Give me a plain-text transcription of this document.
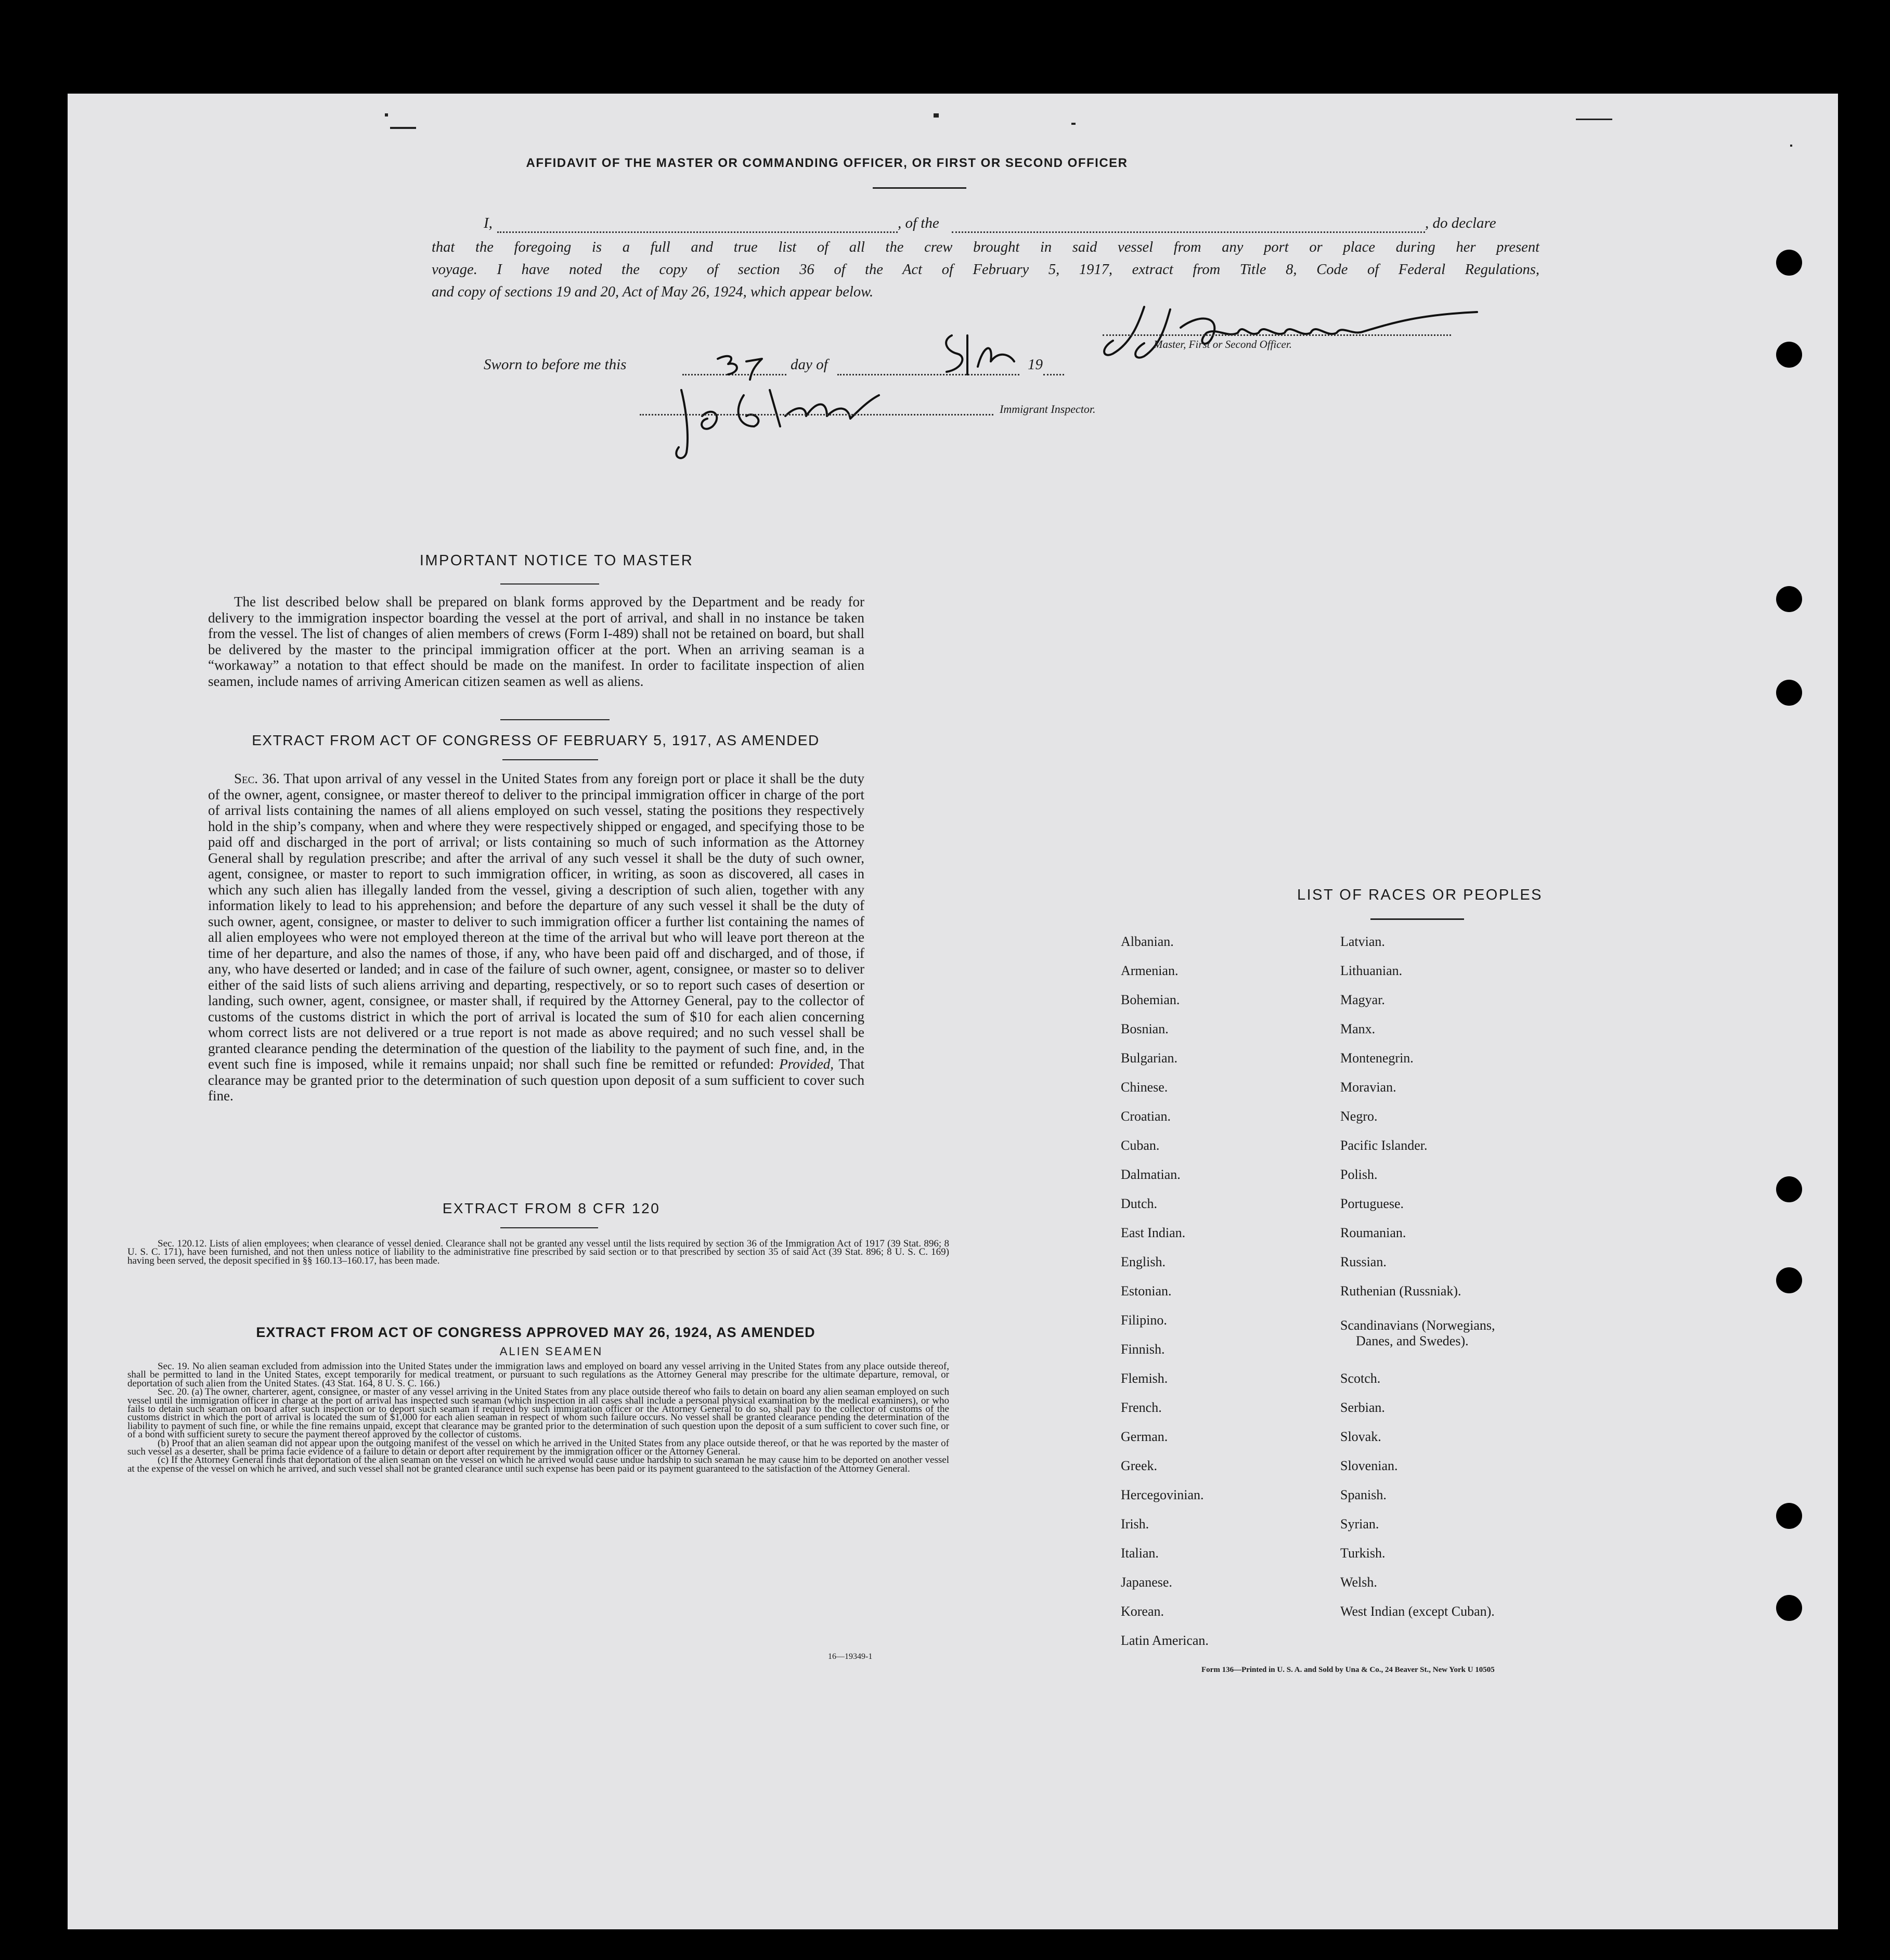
AFFIDAVIT OF THE MASTER OR COMMANDING OFFICER, OR FIRST OR SECOND OFFICER
I,	, of the	, do declare
that the foregoing is a full and true list of all the crew brought in said vessel from any port or place during her present
voyage. I have noted the copy of section 36 of the Act of February 5, 1917, extract from Title 8, Code of Federal Regulations,
and copy of sections 19 and 20, Act of May 26, 1924, which appear below.
Master, First or Second Officer.
Sworn to before me this	day of	19
Immigrant Inspector.
IMPORTANT NOTICE TO MASTER
The list described below shall be prepared on blank forms approved by the Department and be ready for delivery to the immigration inspector boarding the vessel at the port of arrival, and shall in no instance be taken from the vessel. The list of changes of alien members of crews (Form I-489) shall not be retained on board, but shall be delivered by the master to the principal immigration officer at the port. When an arriving seaman is a “workaway” a notation to that effect should be made on the manifest. In order to facilitate inspection of alien seamen, include names of arriving American citizen seamen as well as aliens.
EXTRACT FROM ACT OF CONGRESS OF FEBRUARY 5, 1917, AS AMENDED
Sec. 36. That upon arrival of any vessel in the United States from any foreign port or place it shall be the duty of the owner, agent, consignee, or master thereof to deliver to the principal immigration officer in charge of the port of arrival lists containing the names of all aliens employed on such vessel, stating the positions they respectively hold in the ship’s company, when and where they were respectively shipped or engaged, and specifying those to be paid off and discharged in the port of arrival; or lists containing so much of such information as the Attorney General shall by regulation prescribe; and after the arrival of any such vessel it shall be the duty of such owner, agent, consignee, or master to report to such immigration officer, in writing, as soon as discovered, all cases in which any such alien has illegally landed from the vessel, giving a description of such alien, together with any information likely to lead to his apprehension; and before the departure of any such vessel it shall be the duty of such owner, agent, consignee, or master to deliver to such immigration officer a further list containing the names of all alien employees who were not employed thereon at the time of the arrival but who will leave port thereon at the time of her departure, and also the names of those, if any, who have been paid off and discharged, and of those, if any, who have deserted or landed; and in case of the failure of such owner, agent, consignee, or master so to deliver either of the said lists of such aliens arriving and departing, respectively, or so to report such cases of desertion or landing, such owner, agent, consignee, or master shall, if required by the Attorney General, pay to the collector of customs of the customs district in which the port of arrival is located the sum of $10 for each alien concerning whom correct lists are not delivered or a true report is not made as above required; and no such vessel shall be granted clearance pending the determination of the question of the liability to the payment of such fine, and, in the event such fine is imposed, while it remains unpaid; nor shall such fine be remitted or refunded: Provided, That clearance may be granted prior to the determination of such question upon deposit of a sum sufficient to cover such fine.
EXTRACT FROM 8 CFR 120
Sec. 120.12. Lists of alien employees; when clearance of vessel denied. Clearance shall not be granted any vessel until the lists required by section 36 of the Immigration Act of 1917 (39 Stat. 896; 8 U. S. C. 171), have been furnished, and not then unless notice of liability to the administrative fine prescribed by said section or to that prescribed by section 35 of said Act (39 Stat. 896; 8 U. S. C. 169) having been served, the deposit specified in §§ 160.13–160.17, has been made.
EXTRACT FROM ACT OF CONGRESS APPROVED MAY 26, 1924, AS AMENDED
ALIEN SEAMEN
Sec. 19. No alien seaman excluded from admission into the United States under the immigration laws and employed on board any vessel arriving in the United States from any place outside thereof, shall be permitted to land in the United States, except temporarily for medical treatment, or pursuant to such regulations as the Attorney General may prescribe for the ultimate departure, removal, or deportation of such alien from the United States. (43 Stat. 164, 8 U. S. C. 166.)
Sec. 20. (a) The owner, charterer, agent, consignee, or master of any vessel arriving in the United States from any place outside thereof who fails to detain on board any alien seaman employed on such vessel until the immigration officer in charge at the port of arrival has inspected such seaman (which inspection in all cases shall include a personal physical examination by the medical examiners), or who fails to detain such seaman on board after such inspection or to deport such seaman if required by such immigration officer or the Attorney General to do so, shall pay to the collector of customs of the customs district in which the port of arrival is located the sum of $1,000 for each alien seaman in respect of whom such failure occurs. No vessel shall be granted clearance pending the determination of the liability to payment of such fine, or while the fine remains unpaid, except that clearance may be granted prior to the determination of such question upon the deposit of a sum sufficient to cover such fine, or of a bond with sufficient surety to secure the payment thereof approved by the collector of customs.
(b) Proof that an alien seaman did not appear upon the outgoing manifest of the vessel on which he arrived in the United States from any place outside thereof, or that he was reported by the master of such vessel as a deserter, shall be prima facie evidence of a failure to detain or deport after requirement by the immigration officer or the Attorney General.
(c) If the Attorney General finds that deportation of the alien seaman on the vessel on which he arrived would cause undue hardship to such seaman he may cause him to be deported on another vessel at the expense of the vessel on which he arrived, and such vessel shall not be granted clearance until such expense has been paid or its payment guaranteed to the satisfaction of the Attorney General.
16—19349-1
LIST OF RACES OR PEOPLES
Albanian.
Armenian.
Bohemian.
Bosnian.
Bulgarian.
Chinese.
Croatian.
Cuban.
Dalmatian.
Dutch.
East Indian.
English.
Estonian.
Filipino.
Finnish.
Flemish.
French.
German.
Greek.
Hercegovinian.
Irish.
Italian.
Japanese.
Korean.
Latin American.
Latvian.
Lithuanian.
Magyar.
Manx.
Montenegrin.
Moravian.
Negro.
Pacific Islander.
Polish.
Portuguese.
Roumanian.
Russian.
Ruthenian (Russniak).
Scandinavians (Norwegians,
Danes, and Swedes).
Scotch.
Serbian.
Slovak.
Slovenian.
Spanish.
Syrian.
Turkish.
Welsh.
West Indian (except Cuban).
Form 136—Printed in U. S. A. and Sold by Una & Co., 24 Beaver St., New York U 10505
